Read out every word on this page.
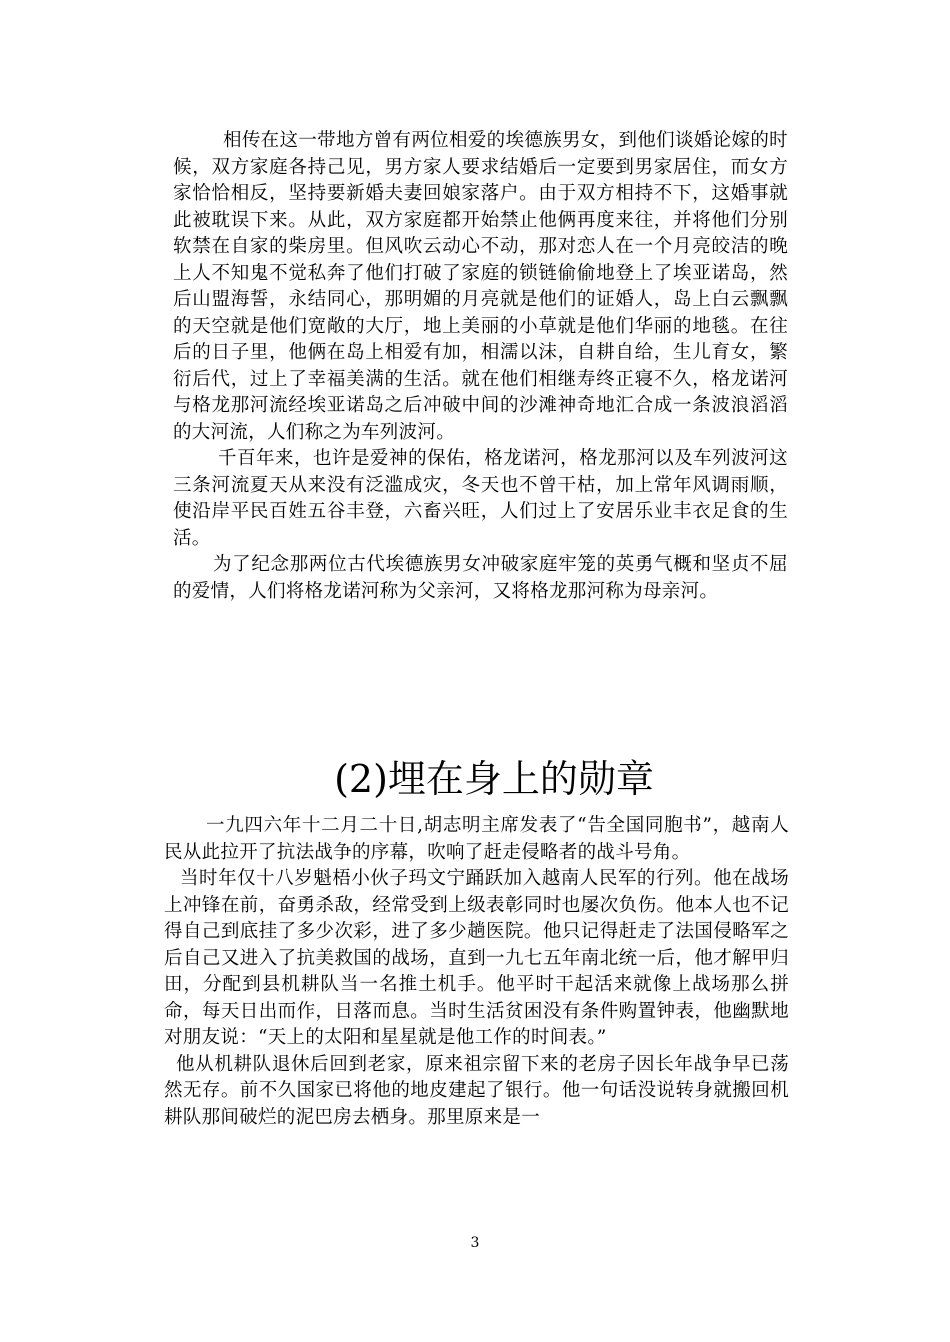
相传在这一带地方曾有两位相爱的埃德族男女，到他们谈婚论嫁的时候，双方家庭各持己见，男方家人要求结婚后一定要到男家居住，而女方家恰恰相反，坚持要新婚夫妻回娘家落户。由于双方相持不下，这婚事就此被耽误下来。从此，双方家庭都开始禁止他俩再度来往，并将他们分别软禁在自家的柴房里。但风吹云动心不动，那对恋人在一个月亮皎洁的晚上人不知鬼不觉私奔了他们打破了家庭的锁链偷偷地登上了埃亚诺岛，然后山盟海誓，永结同心，那明媚的月亮就是他们的证婚人，岛上白云飘飘的天空就是他们宽敞的大厅，地上美丽的小草就是他们华丽的地毯。在往后的日子里，他俩在岛上相爱有加，相濡以沫，自耕自给，生儿育女，繁衍后代，过上了幸福美满的生活。就在他们相继寿终正寝不久，格龙诺河与格龙那河流经埃亚诺岛之后冲破中间的沙滩神奇地汇合成一条波浪滔滔的大河流，人们称之为车列波河。

千百年来，也许是爱神的保佑，格龙诺河，格龙那河以及车列波河这三条河流夏天从来没有泛滥成灾，冬天也不曾干枯，加上常年风调雨顺，使沿岸平民百姓五谷丰登，六畜兴旺，人们过上了安居乐业丰衣足食的生活。

为了纪念那两位古代埃德族男女冲破家庭牢笼的英勇气概和坚贞不屈的爱情，人们将格龙诺河称为父亲河，又将格龙那河称为母亲河。

(2)埋在身上的勋章

一九四六年十二月二十日,胡志明主席发表了“告全国同胞书”，越南人民从此拉开了抗法战争的序幕，吹响了赶走侵略者的战斗号角。

当时年仅十八岁魁梧小伙子玛文宁踊跃加入越南人民军的行列。他在战场上冲锋在前，奋勇杀敌，经常受到上级表彰同时也屡次负伤。他本人也不记得自己到底挂了多少次彩，进了多少趟医院。他只记得赶走了法国侵略军之后自己又进入了抗美救国的战场，直到一九七五年南北统一后，他才解甲归田，分配到县机耕队当一名推土机手。他平时干起活来就像上战场那么拼命，每天日出而作，日落而息。当时生活贫困没有条件购置钟表，他幽默地对朋友说：“天上的太阳和星星就是他工作的时间表。”

他从机耕队退休后回到老家，原来祖宗留下来的老房子因长年战争早已荡然无存。前不久国家已将他的地皮建起了银行。他一句话没说转身就搬回机耕队那间破烂的泥巴房去栖身。那里原来是一

3
